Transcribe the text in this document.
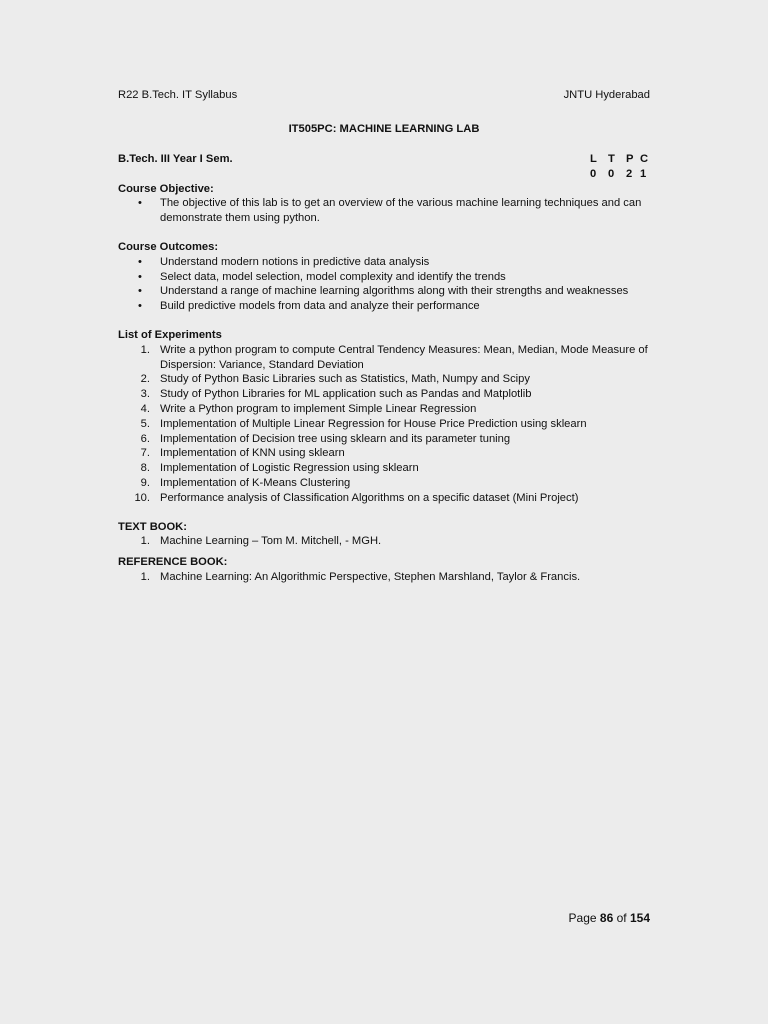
R22 B.Tech. IT Syllabus	JNTU Hyderabad
IT505PC: MACHINE LEARNING LAB
B.Tech. III Year I Sem.	L T P C
0	0	2 1
Course Objective:
• The objective of this lab is to get an overview of the various machine learning techniques and can demonstrate them using python.
Course Outcomes:
• Understand modern notions in predictive data analysis
• Select data, model selection, model complexity and identify the trends
• Understand a range of machine learning algorithms along with their strengths and weaknesses
• Build predictive models from data and analyze their performance
List of Experiments
1. Write a python program to compute Central Tendency Measures: Mean, Median, Mode Measure of Dispersion: Variance, Standard Deviation
2. Study of Python Basic Libraries such as Statistics, Math, Numpy and Scipy
3. Study of Python Libraries for ML application such as Pandas and Matplotlib
4. Write a Python program to implement Simple Linear Regression
5. Implementation of Multiple Linear Regression for House Price Prediction using sklearn
6. Implementation of Decision tree using sklearn and its parameter tuning
7. Implementation of KNN using sklearn
8. Implementation of Logistic Regression using sklearn
9. Implementation of K-Means Clustering
10. Performance analysis of Classification Algorithms on a specific dataset (Mini Project)
TEXT BOOK:
1. Machine Learning – Tom M. Mitchell, - MGH.
REFERENCE BOOK:
1. Machine Learning: An Algorithmic Perspective, Stephen Marshland, Taylor & Francis.
Page 86 of 154
